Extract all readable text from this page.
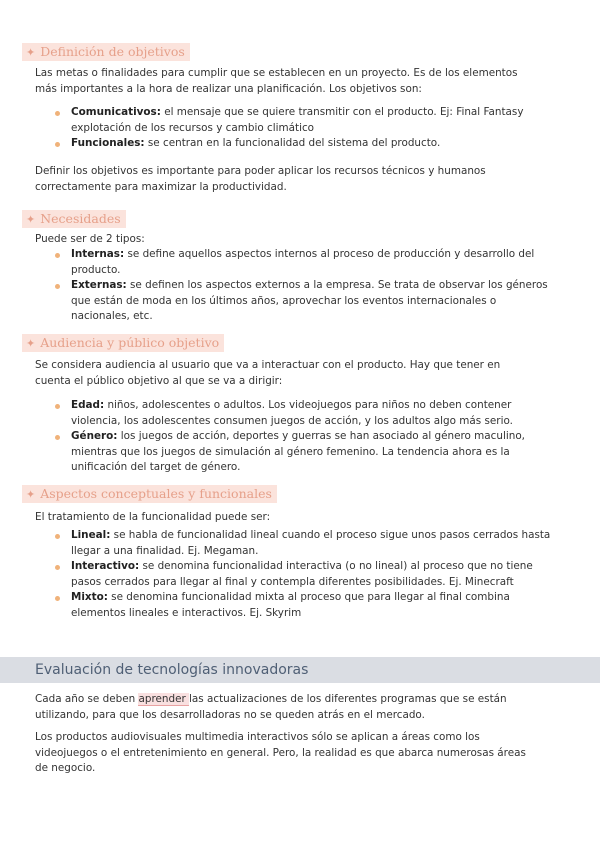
✦ Definición de objetivos

Las metas o finalidades para cumplir que se establecen en un proyecto. Es de los elementos más importantes a la hora de realizar una planificación. Los objetivos son:

Comunicativos: el mensaje que se quiere transmitir con el producto. Ej: Final Fantasy explotación de los recursos y cambio climático
Funcionales: se centran en la funcionalidad del sistema del producto.

Definir los objetivos es importante para poder aplicar los recursos técnicos y humanos correctamente para maximizar la productividad.

✦ Necesidades

Puede ser de 2 tipos:

Internas: se define aquellos aspectos internos al proceso de producción y desarrollo del producto.
Externas: se definen los aspectos externos a la empresa. Se trata de observar los géneros que están de moda en los últimos años, aprovechar los eventos internacionales o nacionales, etc.
✦ Audiencia y público objetivo

Se considera audiencia al usuario que va a interactuar con el producto. Hay que tener en cuenta el público objetivo al que se va a dirigir:

Edad: niños, adolescentes o adultos. Los videojuegos para niños no deben contener violencia, los adolescentes consumen juegos de acción, y los adultos algo más serio.
Género: los juegos de acción, deportes y guerras se han asociado al género maculino, mientras que los juegos de simulación al género femenino. La tendencia ahora es la unificación del target de género.
✦ Aspectos conceptuales y funcionales

El tratamiento de la funcionalidad puede ser:

Lineal: se habla de funcionalidad lineal cuando el proceso sigue unos pasos cerrados hasta llegar a una finalidad. Ej. Megaman.
Interactivo: se denomina funcionalidad interactiva (o no lineal) al proceso que no tiene pasos cerrados para llegar al final y contempla diferentes posibilidades. Ej. Minecraft
Mixto: se denomina funcionalidad mixta al proceso que para llegar al final combina elementos lineales e interactivos. Ej. Skyrim
Evaluación de tecnologías innovadoras

Cada año se deben aprender las actualizaciones de los diferentes programas que se están utilizando, para que los desarrolladoras no se queden atrás en el mercado.

Los productos audiovisuales multimedia interactivos sólo se aplican a áreas como los videojuegos o el entretenimiento en general. Pero, la realidad es que abarca numerosas áreas de negocio.
